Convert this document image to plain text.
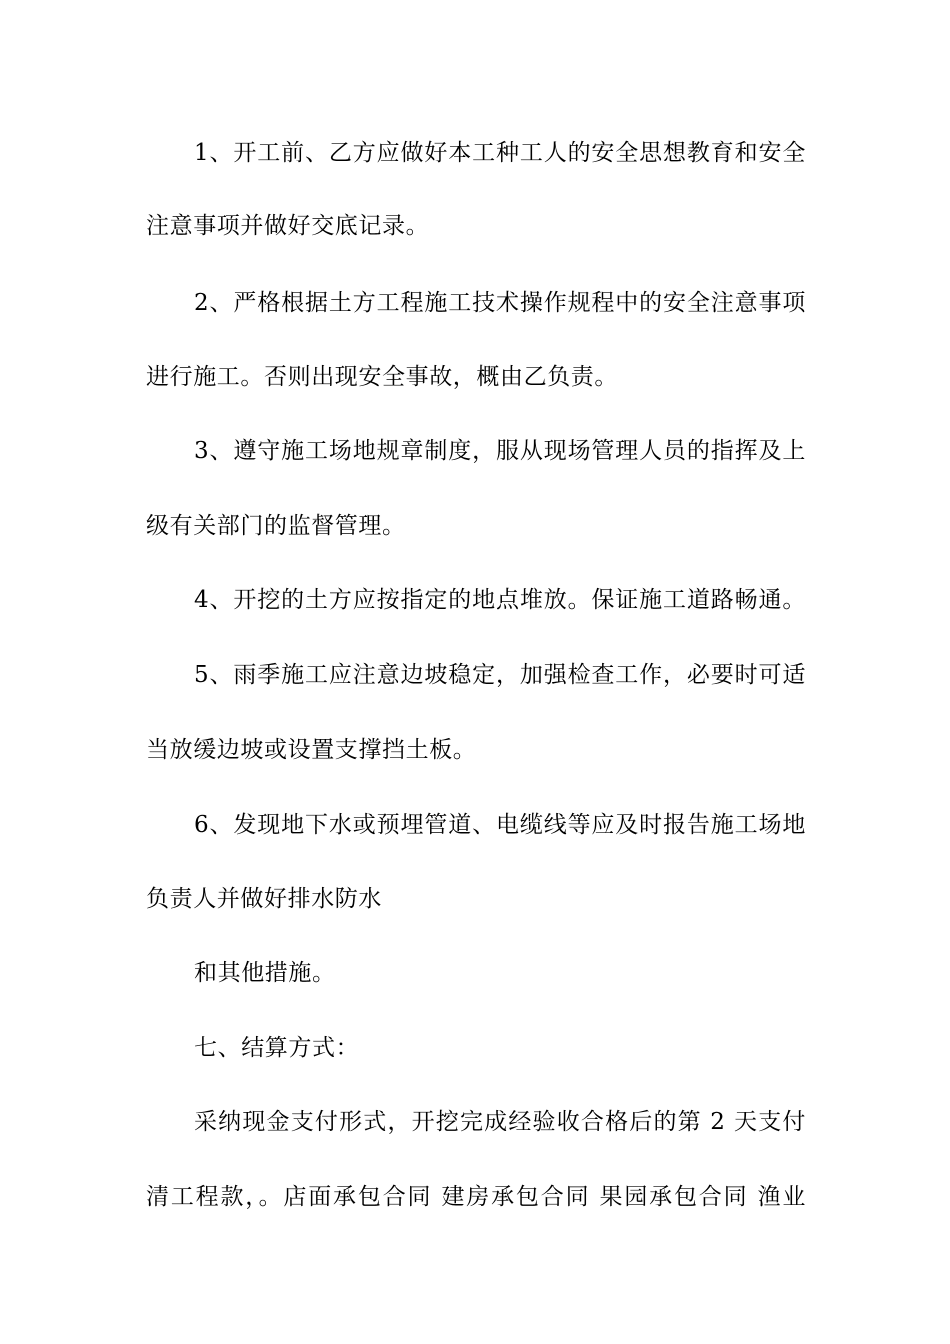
1、开工前、乙方应做好本工种工人的安全思想教育和安全
注意事项并做好交底记录。
2、严格根据土方工程施工技术操作规程中的安全注意事项
进行施工。否则出现安全事故，概由乙负责。
3、遵守施工场地规章制度，服从现场管理人员的指挥及上
级有关部门的监督管理。
4、开挖的土方应按指定的地点堆放。保证施工道路畅通。
5、雨季施工应注意边坡稳定，加强检查工作，必要时可适
当放缓边坡或设置支撑挡土板。
6、发现地下水或预埋管道、电缆线等应及时报告施工场地
负责人并做好排水防水
和其他措施。
七、结算方式：
采纳现金支付形式，开挖完成经验收合格后的第 2 天支付
清工程款，。店面承包合同 建房承包合同 果园承包合同 渔业
